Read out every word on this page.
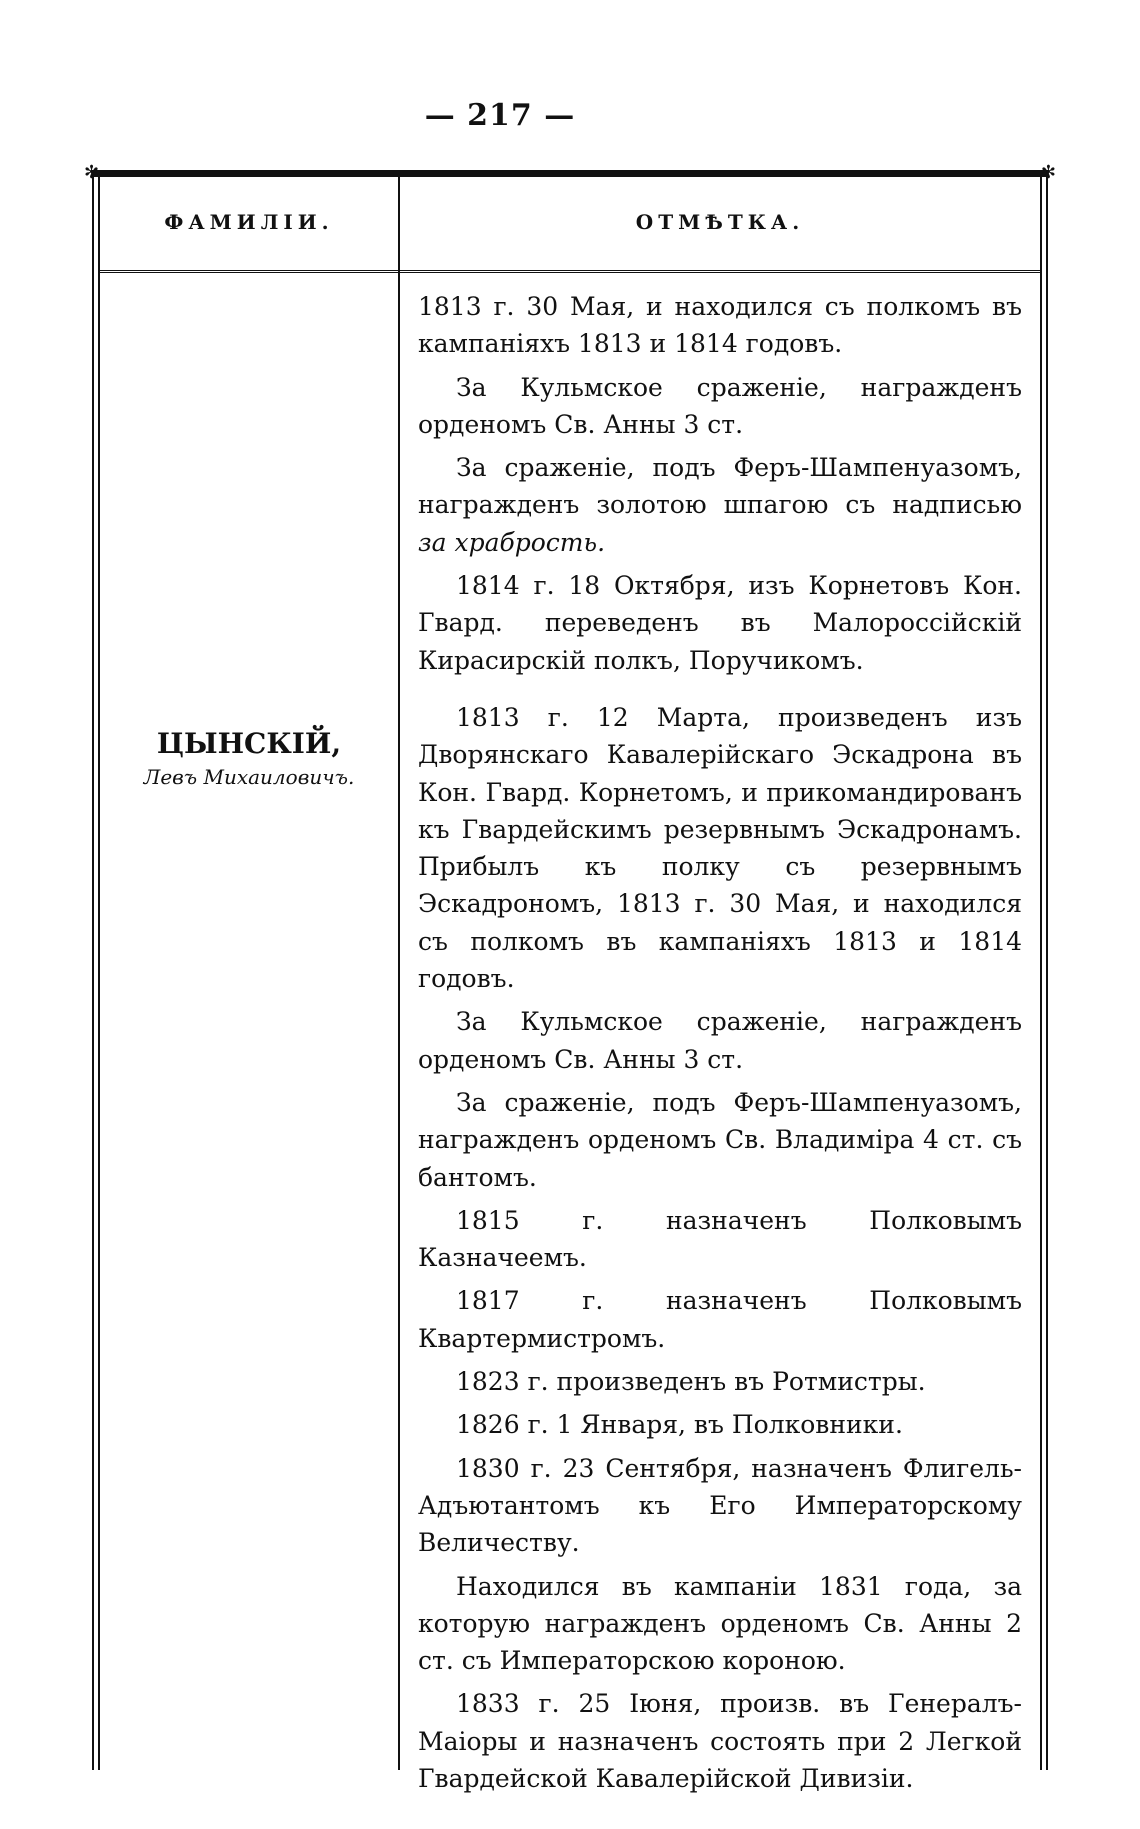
— 217 —
✻	✻
ФАМИЛІИ.	ОТМѢТКА.
ЦЫНСКІЙ,
Левъ Михаиловичъ.

1813 г. 30 Мая, и находился съ полкомъ въ кампаніяхъ 1813 и 1814 годовъ.

За Кульмское сраженіе, награжденъ орденомъ Св. Анны 3 ст.

За сраженіе, подъ Феръ-Шампенуазомъ, награжденъ золотою шпагою съ надписью за храбрость.

1814 г. 18 Октября, изъ Корнетовъ Кон. Гвард. переведенъ въ Малороссійскій Кирасирскій полкъ, Поручикомъ.

1813 г. 12 Марта, произведенъ изъ Дворянскаго Кавалерійскаго Эскадрона въ Кон. Гвард. Корнетомъ, и прикомандированъ къ Гвардейскимъ резервнымъ Эскадронамъ. Прибылъ къ полку съ резервнымъ Эскадрономъ, 1813 г. 30 Мая, и находился съ полкомъ въ кампаніяхъ 1813 и 1814 годовъ.

За Кульмское сраженіе, награжденъ орденомъ Св. Анны 3 ст.

За сраженіе, подъ Феръ-Шампенуазомъ, награжденъ орденомъ Св. Владиміра 4 ст. съ бантомъ.

1815 г. назначенъ Полковымъ Казначеемъ.

1817 г. назначенъ Полковымъ Квартермистромъ.

1823 г. произведенъ въ Ротмистры.

1826 г. 1 Января, въ Полковники.

1830 г. 23 Сентября, назначенъ Флигель-Адъютантомъ къ Его Императорскому Величеству.

Находился въ кампаніи 1831 года, за которую награжденъ орденомъ Св. Анны 2 ст. съ Императорскою короною.

1833 г. 25 Іюня, произв. въ Генералъ-Маіоры и назначенъ состоять при 2 Легкой Гвардейской Кавалерійской Дивизіи.
